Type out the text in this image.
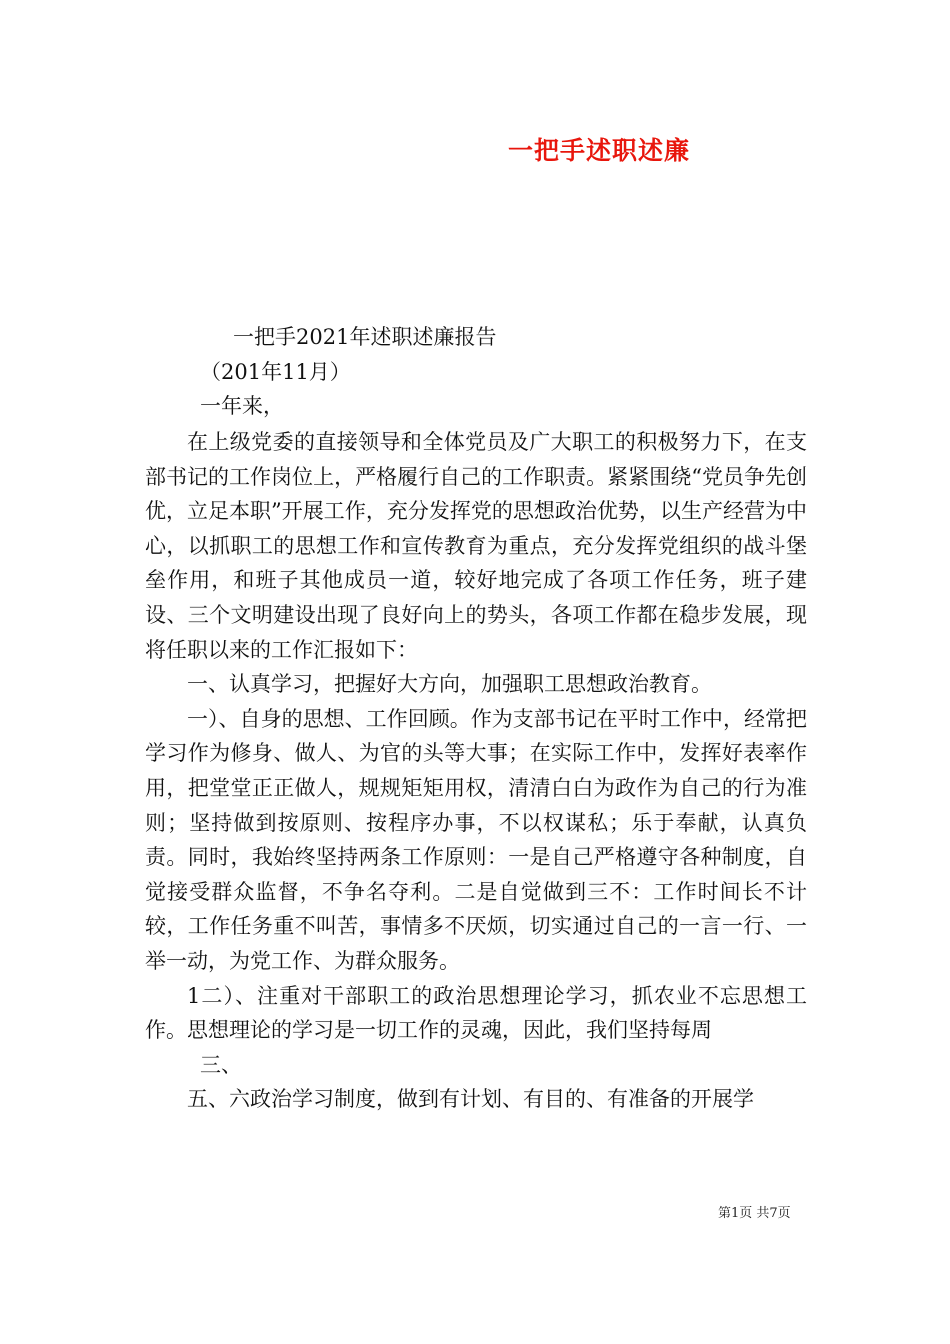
一把手述职述廉
一把手2021年述职述廉报告
（201年11月）
一年来，

在上级党委的直接领导和全体党员及广大职工的积极努力下，在支部书记的工作岗位上，严格履行自己的工作职责。紧紧围绕“党员争先创优，立足本职”开展工作，充分发挥党的思想政治优势，以生产经营为中心，以抓职工的思想工作和宣传教育为重点，充分发挥党组织的战斗堡垒作用，和班子其他成员一道，较好地完成了各项工作任务，班子建设、三个文明建设出现了良好向上的势头，各项工作都在稳步发展，现将任职以来的工作汇报如下：

一、认真学习，把握好大方向，加强职工思想政治教育。

一）、自身的思想、工作回顾。作为支部书记在平时工作中，经常把学习作为修身、做人、为官的头等大事；在实际工作中，发挥好表率作用，把堂堂正正做人，规规矩矩用权，清清白白为政作为自己的行为准则；坚持做到按原则、按程序办事，不以权谋私；乐于奉献，认真负责。同时，我始终坚持两条工作原则：一是自己严格遵守各种制度，自觉接受群众监督，不争名夺利。二是自觉做到三不：工作时间长不计较，工作任务重不叫苦，事情多不厌烦，切实通过自己的一言一行、一举一动，为党工作、为群众服务。

1二）、注重对干部职工的政治思想理论学习，抓农业不忘思想工作。思想理论的学习是一切工作的灵魂，因此，我们坚持每周

三、

五、六政治学习制度，做到有计划、有目的、有准备的开展学

第1页 共7页
